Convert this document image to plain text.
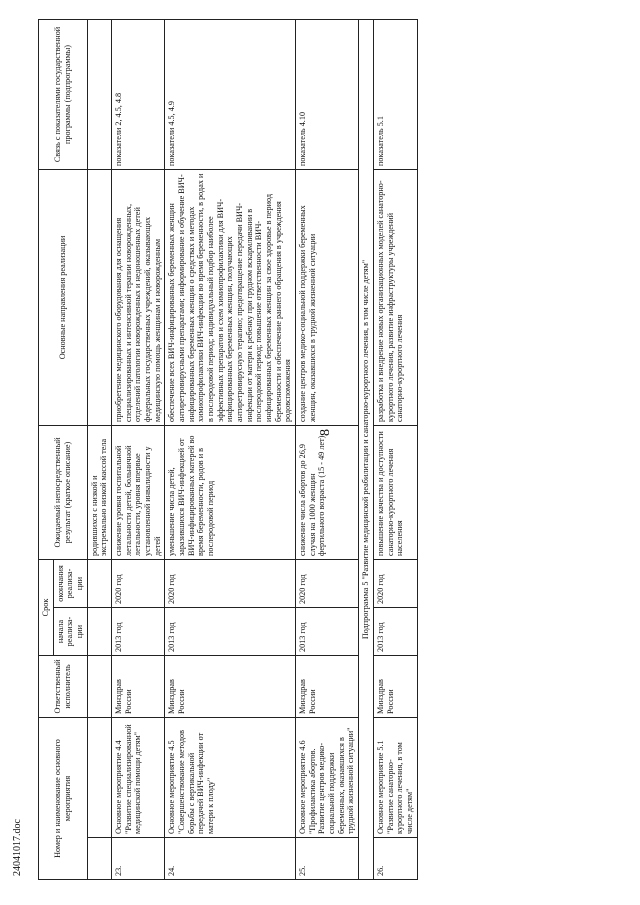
8
24041017.doc	Номер и наименование основного мероприятия		Ответственный исполнитель	Срок		Ожидаемый непосредственный результат (краткое описание)	Основные направления реализации	Связь с показателями государственной программы (подпрограммы)
			начала реализа-ции	окончания реализа-ции			
					родившихся с низкой и экстремально низкой массой тела		
23.	Основное мероприятие 4.4 "Развитие специализированной медицинской помощи детям"	Минздрав России	2013 год	2020 год	снижение уровня госпитальной летальности детей, больничной летальности, уровня впервые установленной инвалидности у детей	приобретение медицинского оборудования для оснащения специализированных и интенсивной терапии новорожденных, отделений патологии новорожденных и недоношенных детей федеральных государственных учреждений, оказывающих медицинскую помощь женщинам и новорожденным	показатели 2, 4.5, 4.8
24.	Основное мероприятие 4.5 "Совершенствование методов борьбы с вертикальной передачей ВИЧ-инфекции от матери к плоду"	Минздрав России	2013 год	2020 год	уменьшение числа детей, заразившихся ВИЧ-инфекцией от ВИЧ-инфицированных матерей во время беременности, родов и в послеродовой период	обеспечение всех ВИЧ-инфицированных беременных женщин антиретровирусными препаратами; информирование и обучение ВИЧ-инфицированных беременных женщин о средствах и методах химиопрофилактики ВИЧ-инфекции во время беременности, в родах и в послеродовой период; индивидуальный подбор наиболее эффективных препаратов и схем химиопрофилактики для ВИЧ-инфицированных беременных женщин, получающих антиретровирусную терапию; предотвращение передачи ВИЧ-инфекции от матери к ребенку при грудном вскармливании в послеродовой период; повышение ответственности ВИЧ-инфицированных беременных женщин за свое здоровье в период беременности и обеспечение раннего обращения в учреждения родовспоможения	показатели 4.5, 4.9
25.	Основное мероприятие 4.6 "Профилактика абортов. Развитие центров медико-социальной поддержки беременных, оказавшихся в трудной жизненной ситуации"	Минздрав России	2013 год	2020 год	снижение числа абортов до 26,9 случая на 1000 женщин фертильного возраста (15 - 49 лет)	создание центров медико-социальной поддержки беременных женщин, оказавшихся в трудной жизненной ситуации	показатель 4.10
Подпрограмма 5 "Развитие медицинской реабилитации и санаторно-курортного лечения, в том числе детям"							
26.	Основное мероприятие 5.1 "Развитие санаторно-курортного лечения, в том числе детям"	Минздрав России	2013 год	2020 год	повышение качества и доступности санаторно-курортного лечения населения	разработка и внедрение новых организационных моделей санаторно-курортного лечения, развитие инфраструктуры учреждений санаторно-курортного лечения	показатель 5.1
